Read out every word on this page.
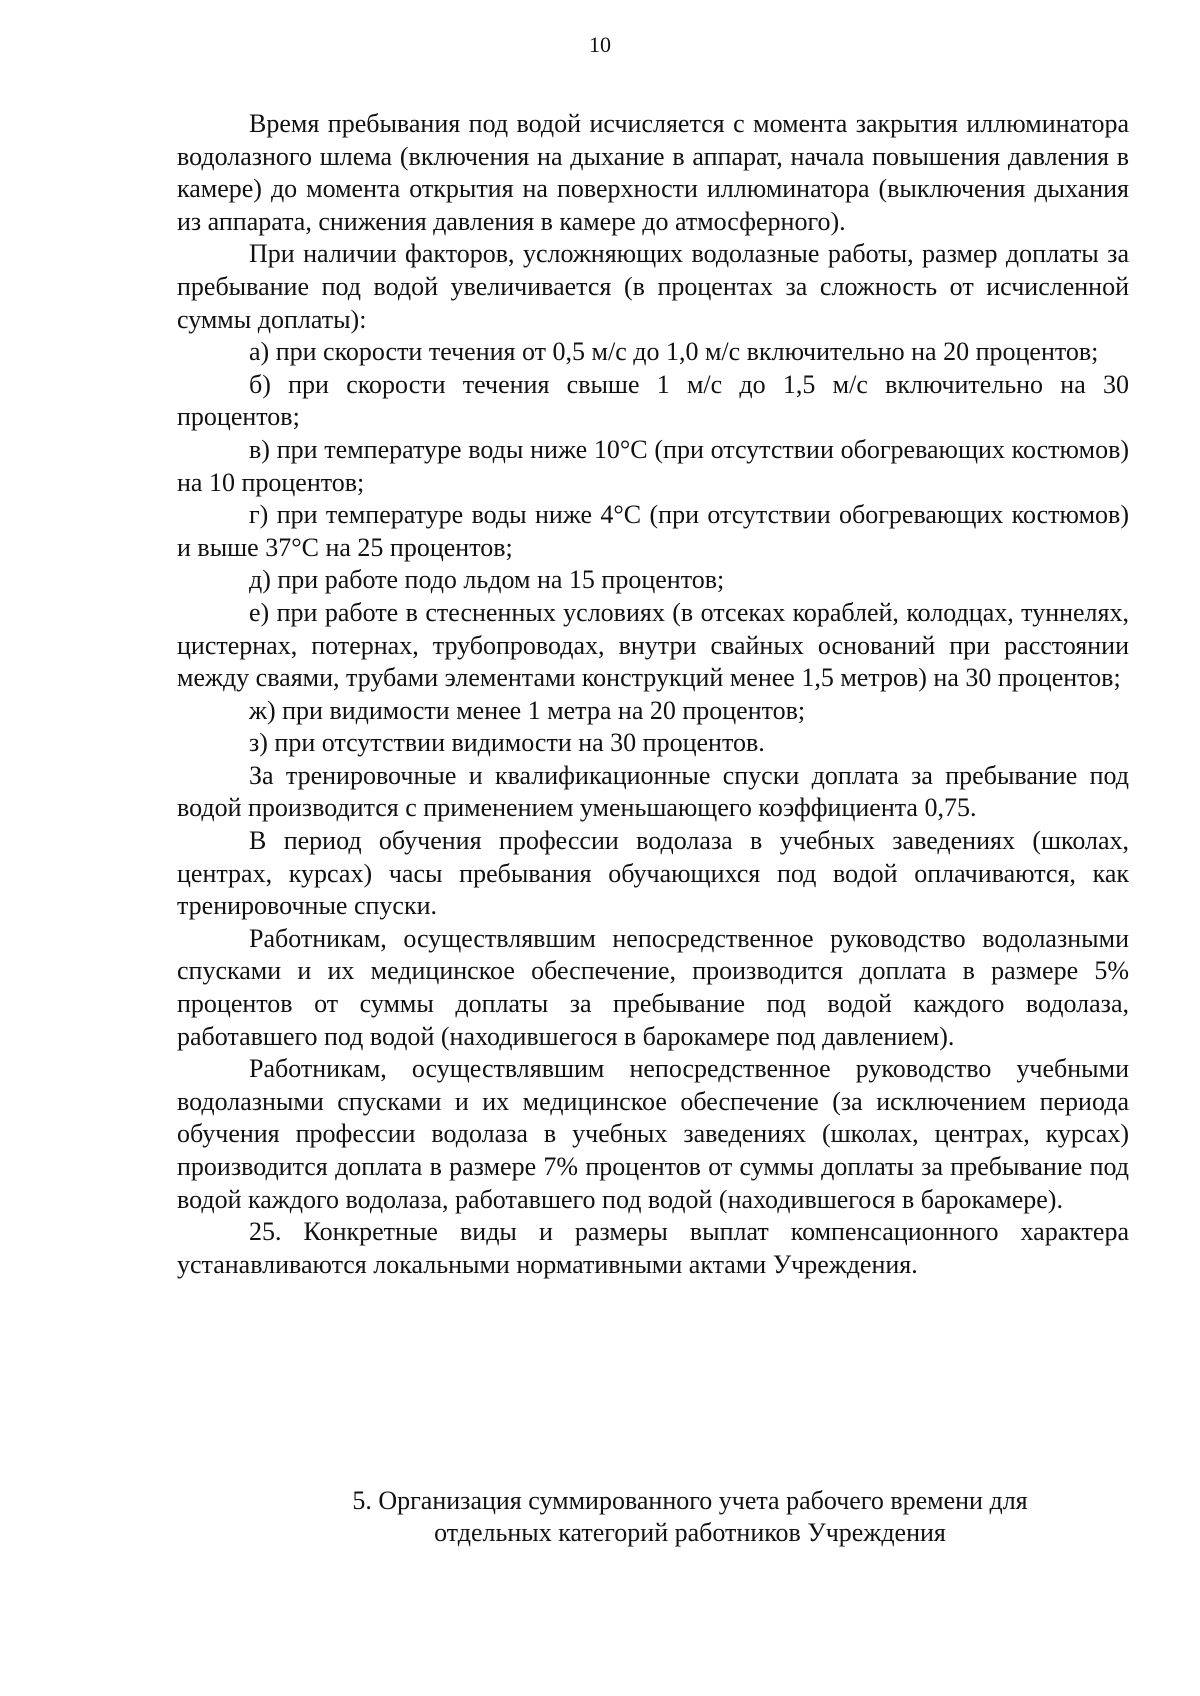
10

Время пребывания под водой исчисляется с момента закрытия иллюминатора водолазного шлема (включения на дыхание в аппарат, начала повышения давления в камере) до момента открытия на поверхности иллюминатора (выключения дыхания из аппарата, снижения давления в камере до атмосферного).

При наличии факторов, усложняющих водолазные работы, размер доплаты за пребывание под водой увеличивается (в процентах за сложность от исчисленной суммы доплаты):

а) при скорости течения от 0,5 м/с до 1,0 м/с включительно на 20 процентов;

б) при скорости течения свыше 1 м/с до 1,5 м/с включительно на 30 процентов;

в) при температуре воды ниже 10°С (при отсутствии обогревающих костюмов) на 10 процентов;

г) при температуре воды ниже 4°С (при отсутствии обогревающих костюмов) и выше 37°С на 25 процентов;

д) при работе подо льдом на 15 процентов;

е) при работе в стесненных условиях (в отсеках кораблей, колодцах, туннелях, цистернах, потернах, трубопроводах, внутри свайных оснований при расстоянии между сваями, трубами элементами конструкций менее 1,5 метров) на 30 процентов;

ж) при видимости менее 1 метра на 20 процентов;

з) при отсутствии видимости на 30 процентов.

За тренировочные и квалификационные спуски доплата за пребывание под водой производится с применением уменьшающего коэффициента 0,75.

В период обучения профессии водолаза в учебных заведениях (школах, центрах, курсах) часы пребывания обучающихся под водой оплачиваются, как тренировочные спуски.

Работникам, осуществлявшим непосредственное руководство водолазными спусками и их медицинское обеспечение, производится доплата в размере 5% процентов от суммы доплаты за пребывание под водой каждого водолаза, работавшего под водой (находившегося в барокамере под давлением).

Работникам, осуществлявшим непосредственное руководство учебными водолазными спусками и их медицинское обеспечение (за исключением периода обучения профессии водолаза в учебных заведениях (школах, центрах, курсах) производится доплата в размере 7% процентов от суммы доплаты за пребывание под водой каждого водолаза, работавшего под водой (находившегося в барокамере).

25. Конкретные виды и размеры выплат компенсационного характера устанавливаются локальными нормативными актами Учреждения.

5. Организация суммированного учета рабочего времени для
отдельных категорий работников Учреждения
